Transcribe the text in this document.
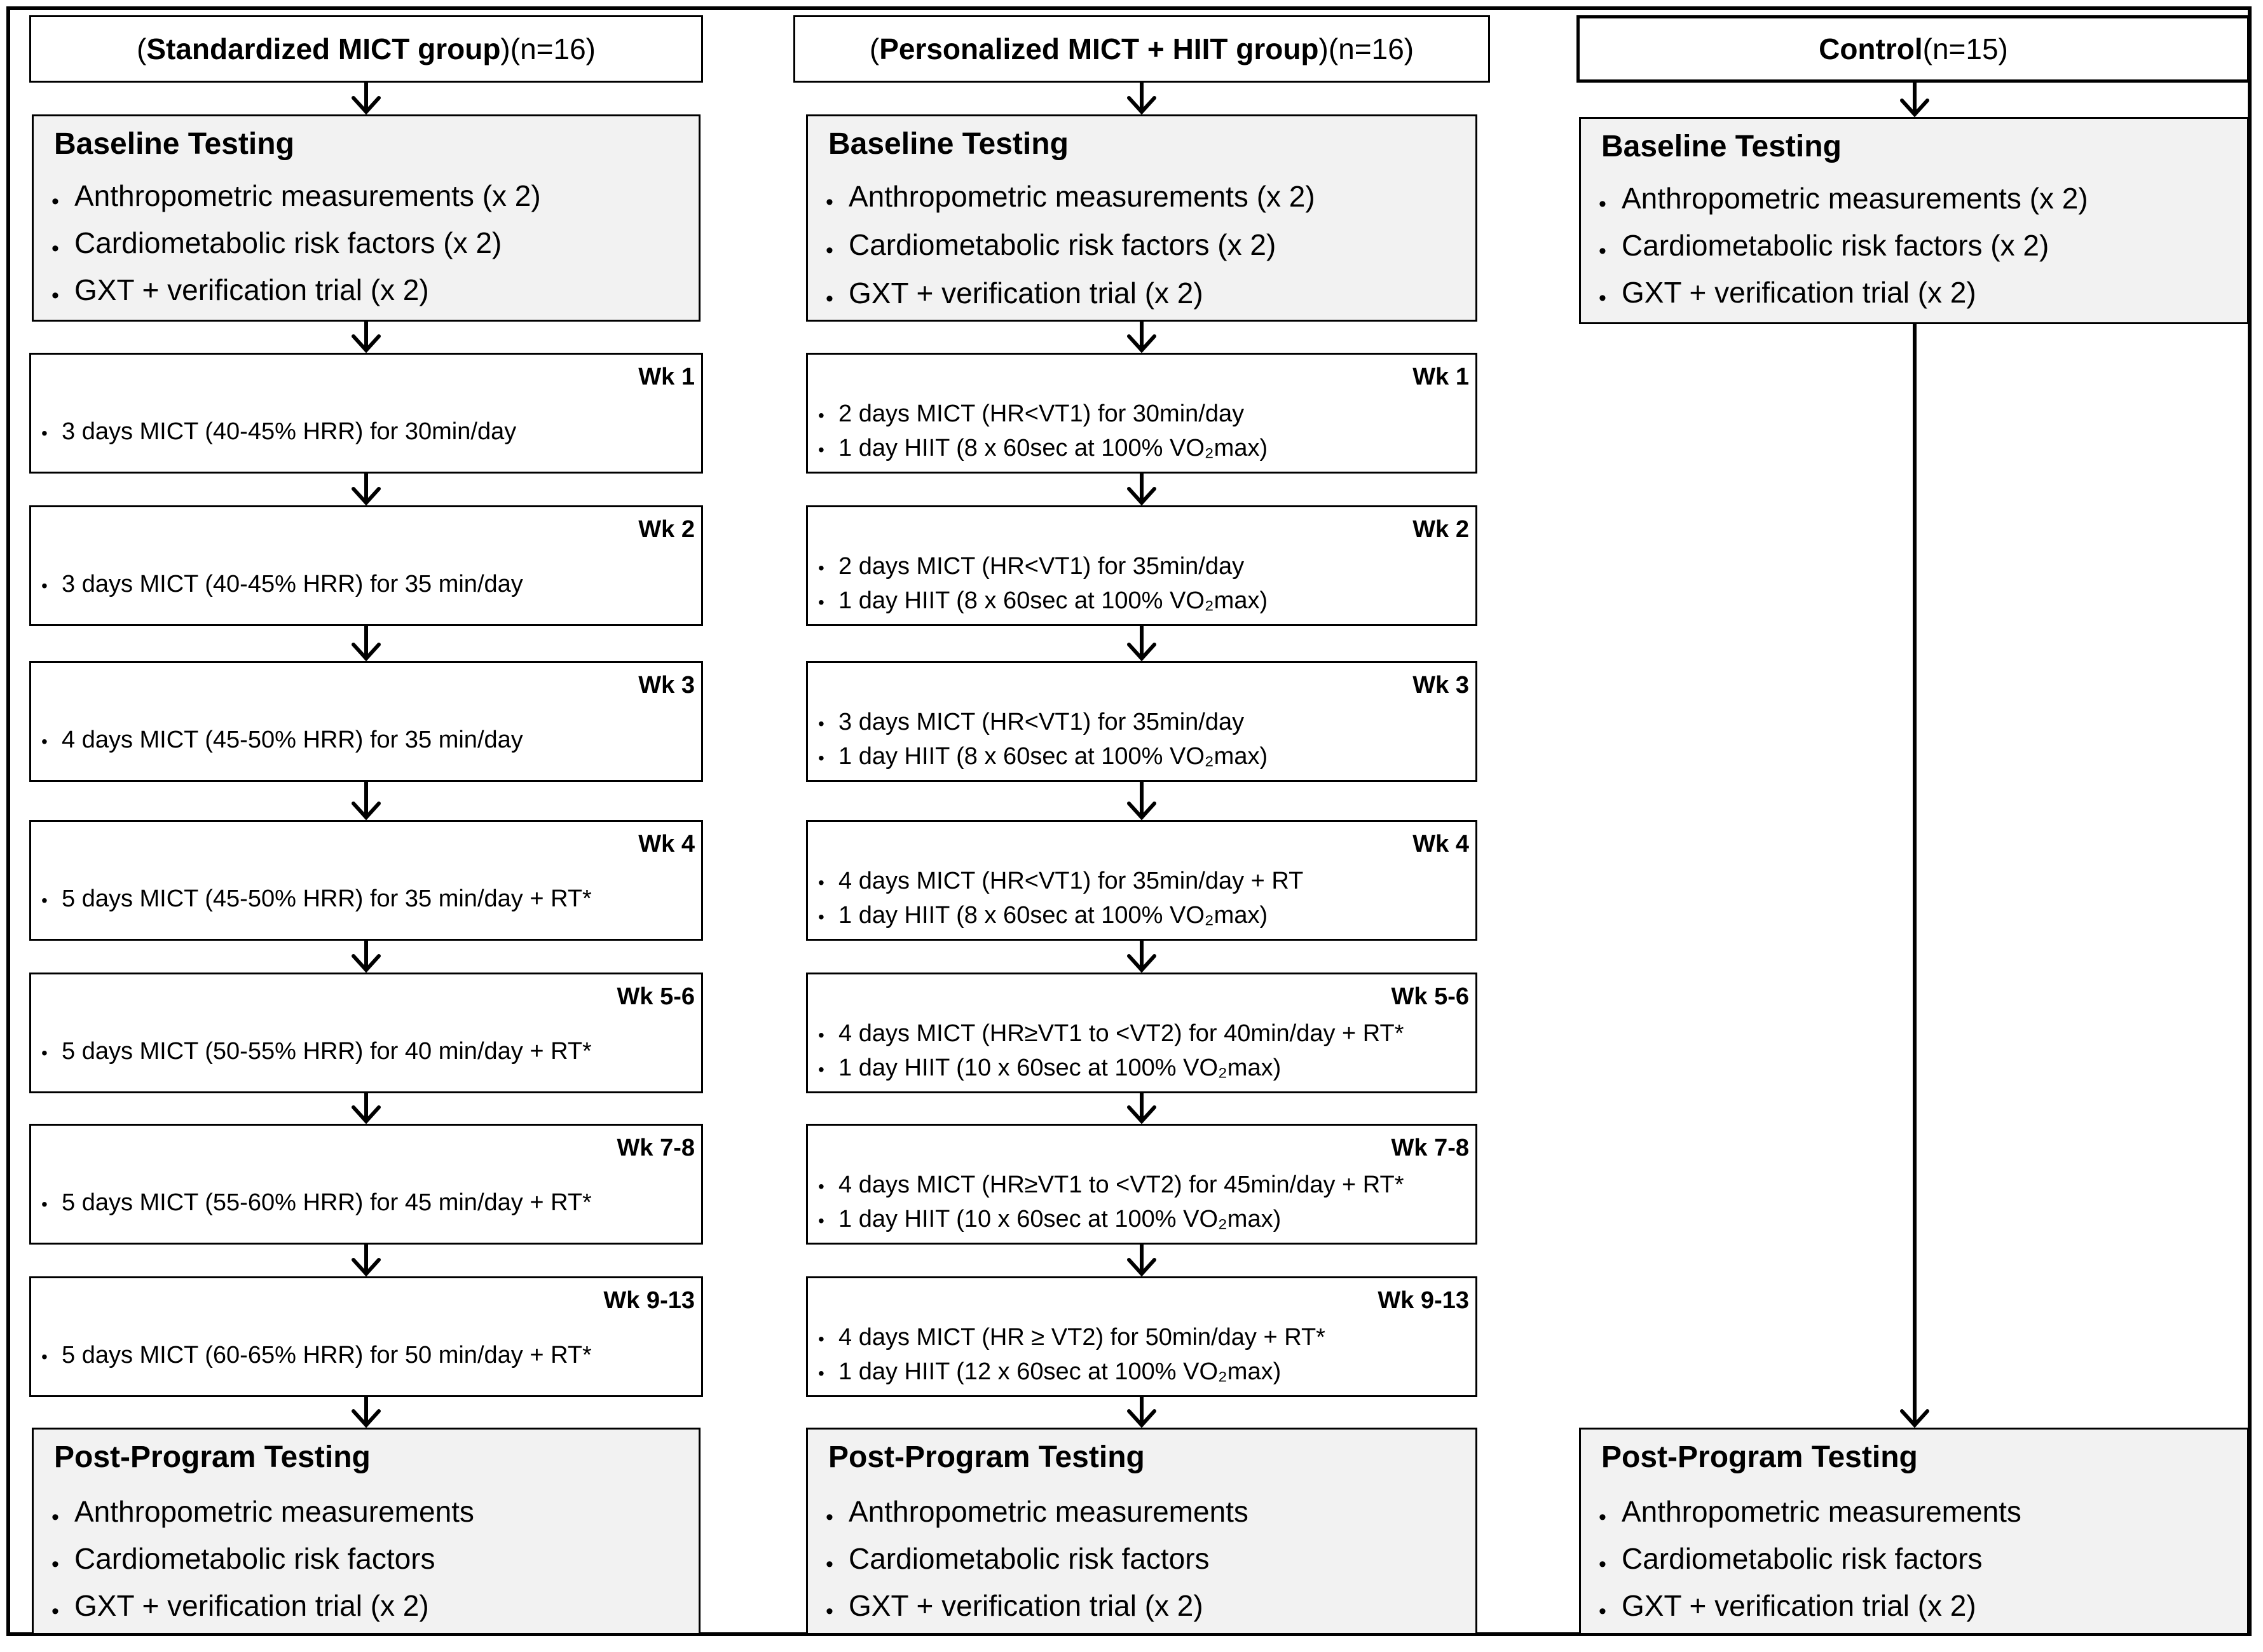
( Standardized MICT group ) (n=16)
Baseline Testing
• Anthropometric measurements (x 2)
• Cardiometabolic risk factors (x 2)
• GXT + verification trial (x 2)
Wk 1
• 3 days MICT (40-45% HRR) for 30min/day
Wk 2
• 3 days MICT (40-45% HRR) for 35 min/day
Wk 3
• 4 days MICT (45-50% HRR) for 35 min/day
Wk 4
• 5 days MICT (45-50% HRR) for 35 min/day + RT*
Wk 5-6
• 5 days MICT (50-55% HRR) for 40 min/day + RT*
Wk 7-8
• 5 days MICT (55-60% HRR) for 45 min/day + RT*
Wk 9-13
• 5 days MICT (60-65% HRR) for 50 min/day + RT*
Post-Program Testing
• Anthropometric measurements
• Cardiometabolic risk factors
• GXT + verification trial (x 2)
( Personalized MICT + HIIT group ) (n=16)
Baseline Testing
• Anthropometric measurements (x 2)
• Cardiometabolic risk factors (x 2)
• GXT + verification trial (x 2)
Wk 1
• 2 days MICT (HR<VT1) for 30min/day
• 1 day HIIT (8 x 60sec at 100% VO₂max)
Wk 2
• 2 days MICT (HR<VT1) for 35min/day
• 1 day HIIT (8 x 60sec at 100% VO₂max)
Wk 3
• 3 days MICT (HR<VT1) for 35min/day
• 1 day HIIT (8 x 60sec at 100% VO₂max)
Wk 4
• 4 days MICT (HR<VT1) for 35min/day + RT
• 1 day HIIT (8 x 60sec at 100% VO₂max)
Wk 5-6
• 4 days MICT (HR≥VT1 to <VT2) for 40min/day + RT*
• 1 day HIIT (10 x 60sec at 100% VO₂max)
Wk 7-8
• 4 days MICT (HR≥VT1 to <VT2) for 45min/day + RT*
• 1 day HIIT (10 x 60sec at 100% VO₂max)
Wk 9-13
• 4 days MICT (HR ≥ VT2) for 50min/day + RT*
• 1 day HIIT (12 x 60sec at 100% VO₂max)
Post-Program Testing
• Anthropometric measurements
• Cardiometabolic risk factors
• GXT + verification trial (x 2)
Control (n=15)
Baseline Testing
• Anthropometric measurements (x 2)
• Cardiometabolic risk factors (x 2)
• GXT + verification trial (x 2)
Post-Program Testing
• Anthropometric measurements
• Cardiometabolic risk factors
• GXT + verification trial (x 2)
